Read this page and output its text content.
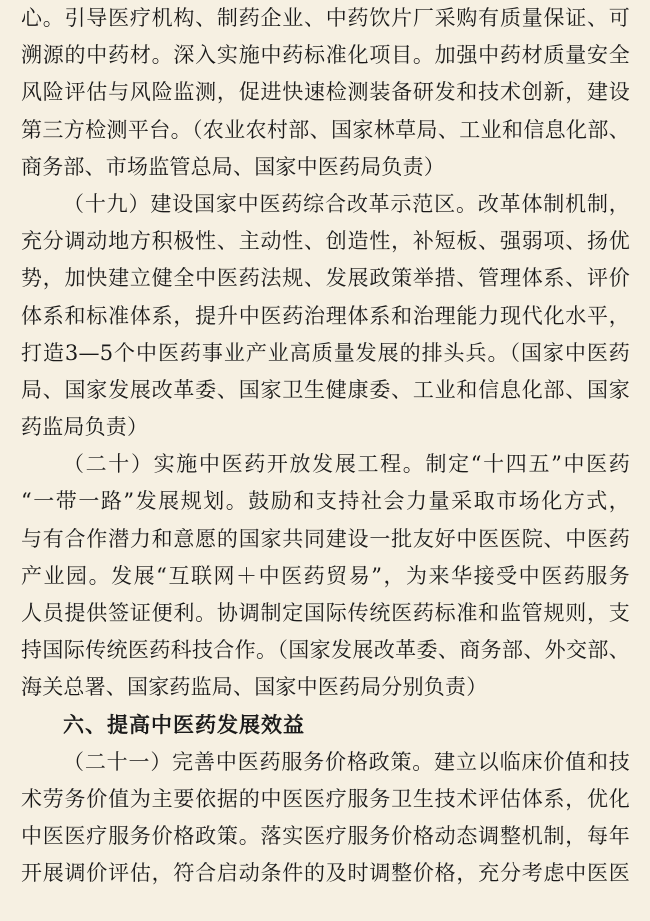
心。引导医疗机构、制药企业、中药饮片厂采购有质量保证、可
溯源的中药材。深入实施中药标准化项目。加强中药材质量安全
风险评估与风险监测，促进快速检测装备研发和技术创新，建设
第三方检测平台。（农业农村部、国家林草局、工业和信息化部、
商务部、市场监管总局、国家中医药局负责）
（十九）建设国家中医药综合改革示范区。改革体制机制，
充分调动地方积极性、主动性、创造性，补短板、强弱项、扬优
势，加快建立健全中医药法规、发展政策举措、管理体系、评价
体系和标准体系，提升中医药治理体系和治理能力现代化水平，
打造3—5个中医药事业产业高质量发展的排头兵。（国家中医药
局、国家发展改革委、国家卫生健康委、工业和信息化部、国家
药监局负责）
（二十）实施中医药开放发展工程。制定“十四五”中医药
“一带一路”发展规划。鼓励和支持社会力量采取市场化方式，
与有合作潜力和意愿的国家共同建设一批友好中医医院、中医药
产业园。发展“互联网＋中医药贸易”，为来华接受中医药服务
人员提供签证便利。协调制定国际传统医药标准和监管规则，支
持国际传统医药科技合作。（国家发展改革委、商务部、外交部、
海关总署、国家药监局、国家中医药局分别负责）
六、提高中医药发展效益
（二十一）完善中医药服务价格政策。建立以临床价值和技
术劳务价值为主要依据的中医医疗服务卫生技术评估体系，优化
中医医疗服务价格政策。落实医疗服务价格动态调整机制，每年
开展调价评估，符合启动条件的及时调整价格，充分考虑中医医
